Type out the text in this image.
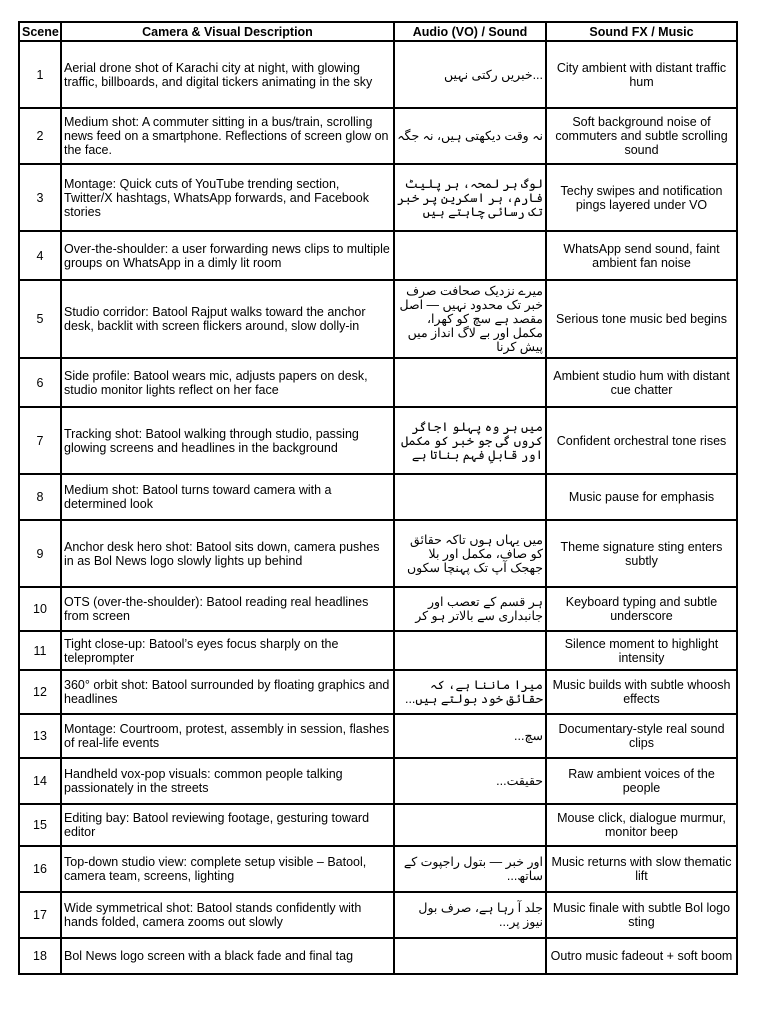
Scene	Camera & Visual Description	Audio (VO) / Sound	Sound FX / Music
1	Aerial drone shot of Karachi city at night, with glowing traffic, billboards, and digital tickers animating in the sky	...خبریں رکتی نہیں	City ambient with distant traffic hum
2	Medium shot: A commuter sitting in a bus/train, scrolling news feed on a smartphone. Reflections of screen glow on the face.	نہ وقت دیکھتی ہیں، نہ جگہ	Soft background noise of commuters and subtle scrolling sound
3	Montage: Quick cuts of YouTube trending section, Twitter/X hashtags, WhatsApp forwards, and Facebook stories	لوگ ہر لمحہ، ہر پلیٹ فارم، ہر اسکرین پر خبر تک رسائی چاہتے ہیں	Techy swipes and notification pings layered under VO
4	Over-the-shoulder: a user forwarding news clips to multiple groups on WhatsApp in a dimly lit room		WhatsApp send sound, faint ambient fan noise
5	Studio corridor: Batool Rajput walks toward the anchor desk, backlit with screen flickers around, slow dolly-in	میرے نزدیک صحافت صرف خبر تک محدود نہیں — اصل مقصد ہے سچ کو کھرا، مکمل اور بے لاگ انداز میں پیش کرنا	Serious tone music bed begins
6	Side profile: Batool wears mic, adjusts papers on desk, studio monitor lights reflect on her face		Ambient studio hum with distant cue chatter
7	Tracking shot: Batool walking through studio, passing glowing screens and headlines in the background	میں ہر وہ پہلو اجاگر کروں گی جو خبر کو مکمل اور قابلِ فہم بناتا ہے	Confident orchestral tone rises
8	Medium shot: Batool turns toward camera with a determined look		Music pause for emphasis
9	Anchor desk hero shot: Batool sits down, camera pushes in as Bol News logo slowly lights up behind	میں یہاں ہوں تاکہ حقائق کو صاف، مکمل اور بلا جھجک آپ تک پہنچا سکوں	Theme signature sting enters subtly
10	OTS (over-the-shoulder): Batool reading real headlines from screen	ہر قسم کے تعصب اور جانبداری سے بالاتر ہو کر	Keyboard typing and subtle underscore
11	Tight close-up: Batool’s eyes focus sharply on the teleprompter		Silence moment to highlight intensity
12	360° orbit shot: Batool surrounded by floating graphics and headlines	میرا ماننا ہے، کہ حقائق خود بولتے ہیں...	Music builds with subtle whoosh effects
13	Montage: Courtroom, protest, assembly in session, flashes of real-life events	سچ...	Documentary-style real sound clips
14	Handheld vox-pop visuals: common people talking passionately in the streets	حقیقت...	Raw ambient voices of the people
15	Editing bay: Batool reviewing footage, gesturing toward editor		Mouse click, dialogue murmur, monitor beep
16	Top-down studio view: complete setup visible – Batool, camera team, screens, lighting	اور خبر — بتول راجپوت کے ساتھ...	Music returns with slow thematic lift
17	Wide symmetrical shot: Batool stands confidently with hands folded, camera zooms out slowly	جلد آ رہا ہے، صرف بول نیوز پر...	Music finale with subtle Bol logo sting
18	Bol News logo screen with a black fade and final tag		Outro music fadeout + soft boom
